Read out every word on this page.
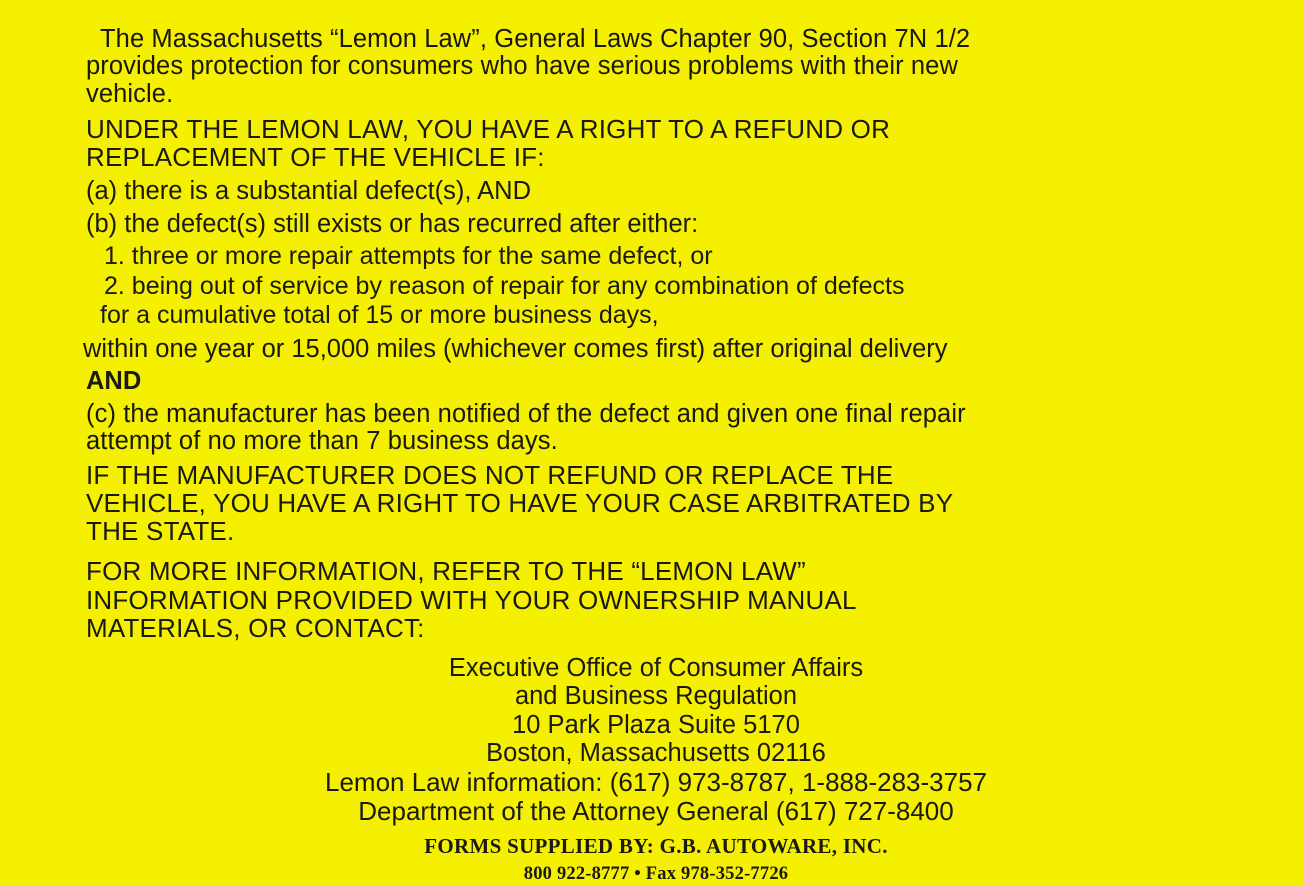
The Massachusetts “Lemon Law”, General Laws Chapter 90, Section 7N 1/2
provides protection for consumers who have serious problems with their new
vehicle.
UNDER THE LEMON LAW, YOU HAVE A RIGHT TO A REFUND OR
REPLACEMENT OF THE VEHICLE IF:
(a) there is a substantial defect(s), AND
(b) the defect(s) still exists or has recurred after either:
1. three or more repair attempts for the same defect, or
2. being out of service by reason of repair for any combination of defects
for a cumulative total of 15 or more business days,
within one year or 15,000 miles (whichever comes first) after original delivery
AND
(c) the manufacturer has been notified of the defect and given one final repair
attempt of no more than 7 business days.
IF THE MANUFACTURER DOES NOT REFUND OR REPLACE THE
VEHICLE, YOU HAVE A RIGHT TO HAVE YOUR CASE ARBITRATED BY
THE STATE.
FOR MORE INFORMATION, REFER TO THE “LEMON LAW”
INFORMATION PROVIDED WITH YOUR OWNERSHIP MANUAL
MATERIALS, OR CONTACT:
Executive Office of Consumer Affairs
and Business Regulation
10 Park Plaza Suite 5170
Boston, Massachusetts 02116
Lemon Law information: (617) 973-8787, 1-888-283-3757
Department of the Attorney General (617) 727-8400
FORMS SUPPLIED BY: G.B. AUTOWARE, INC.
800 922-8777 • Fax 978-352-7726
